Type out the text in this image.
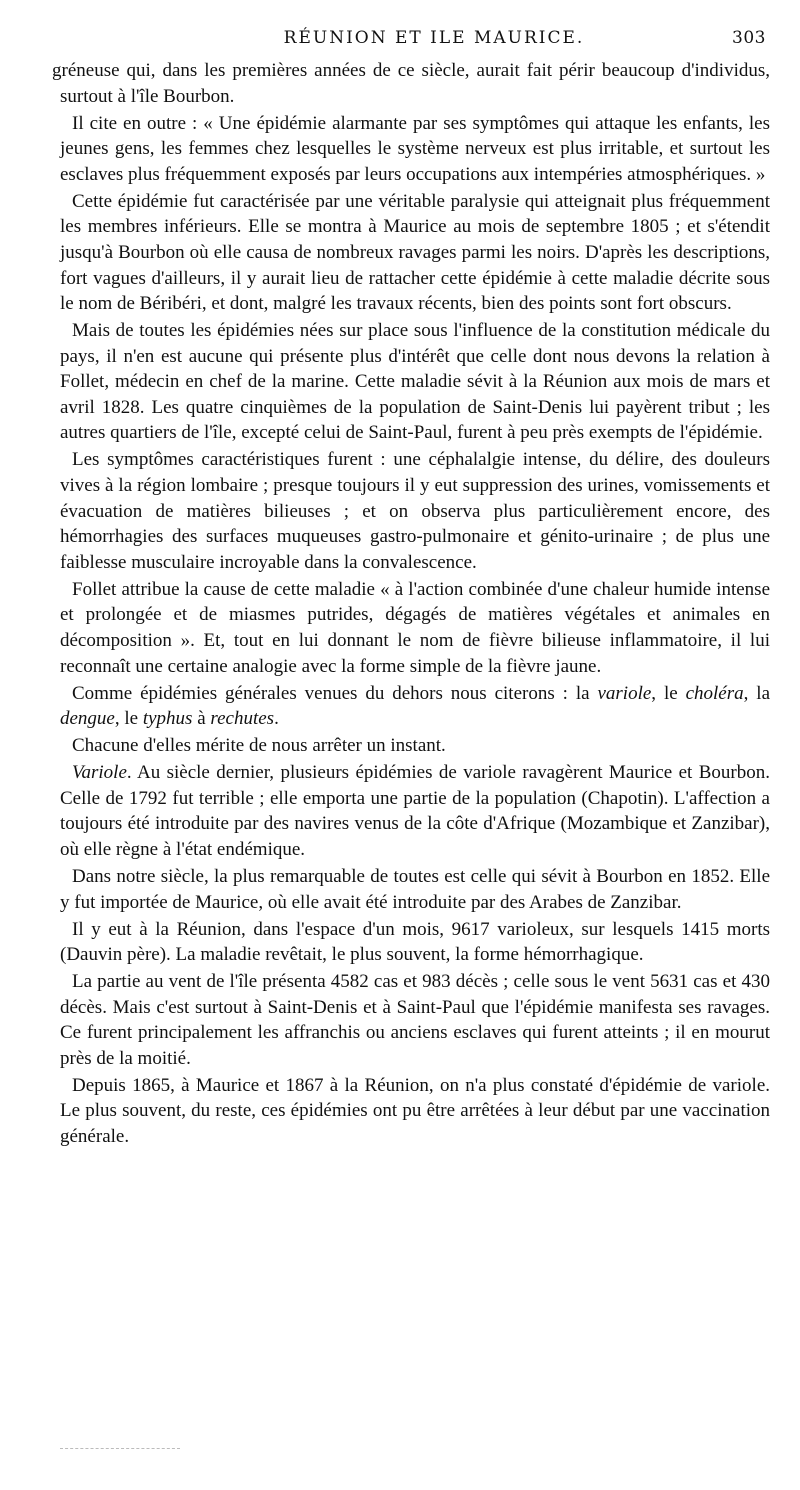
RÉUNION ET ILE MAURICE.	303

gréneuse qui, dans les premières années de ce siècle, aurait fait périr beaucoup d'individus, surtout à l'île Bourbon.

Il cite en outre : « Une épidémie alarmante par ses symptômes qui attaque les enfants, les jeunes gens, les femmes chez lesquelles le système nerveux est plus irritable, et surtout les esclaves plus fréquemment exposés par leurs occupations aux intempéries atmosphériques. »

Cette épidémie fut caractérisée par une véritable paralysie qui atteignait plus fréquemment les membres inférieurs. Elle se montra à Maurice au mois de septembre 1805 ; et s'étendit jusqu'à Bourbon où elle causa de nombreux ravages parmi les noirs. D'après les descriptions, fort vagues d'ailleurs, il y aurait lieu de rattacher cette épidémie à cette maladie décrite sous le nom de Béribéri, et dont, malgré les travaux récents, bien des points sont fort obscurs.

Mais de toutes les épidémies nées sur place sous l'influence de la constitution médicale du pays, il n'en est aucune qui présente plus d'intérêt que celle dont nous devons la relation à Follet, médecin en chef de la marine. Cette maladie sévit à la Réunion aux mois de mars et avril 1828. Les quatre cinquièmes de la population de Saint-Denis lui payèrent tribut ; les autres quartiers de l'île, excepté celui de Saint-Paul, furent à peu près exempts de l'épidémie.

Les symptômes caractéristiques furent : une céphalalgie intense, du délire, des douleurs vives à la région lombaire ; presque toujours il y eut suppression des urines, vomissements et évacuation de matières bilieuses ; et on observa plus particulièrement encore, des hémorrhagies des surfaces muqueuses gastro-pulmonaire et génito-urinaire ; de plus une faiblesse musculaire incroyable dans la convalescence.

Follet attribue la cause de cette maladie « à l'action combinée d'une chaleur humide intense et prolongée et de miasmes putrides, dégagés de matières végétales et animales en décomposition ». Et, tout en lui donnant le nom de fièvre bilieuse inflammatoire, il lui reconnaît une certaine analogie avec la forme simple de la fièvre jaune.

Comme épidémies générales venues du dehors nous citerons : la variole, le choléra, la dengue, le typhus à rechutes.

Chacune d'elles mérite de nous arrêter un instant.

Variole. Au siècle dernier, plusieurs épidémies de variole ravagèrent Maurice et Bourbon. Celle de 1792 fut terrible ; elle emporta une partie de la population (Chapotin). L'affection a toujours été introduite par des navires venus de la côte d'Afrique (Mozambique et Zanzibar), où elle règne à l'état endémique.

Dans notre siècle, la plus remarquable de toutes est celle qui sévit à Bourbon en 1852. Elle y fut importée de Maurice, où elle avait été introduite par des Arabes de Zanzibar.

Il y eut à la Réunion, dans l'espace d'un mois, 9617 varioleux, sur lesquels 1415 morts (Dauvin père). La maladie revêtait, le plus souvent, la forme hémorrhagique.

La partie au vent de l'île présenta 4582 cas et 983 décès ; celle sous le vent 5631 cas et 430 décès. Mais c'est surtout à Saint-Denis et à Saint-Paul que l'épidémie manifesta ses ravages. Ce furent principalement les affranchis ou anciens esclaves qui furent atteints ; il en mourut près de la moitié.

Depuis 1865, à Maurice et 1867 à la Réunion, on n'a plus constaté d'épidémie de variole. Le plus souvent, du reste, ces épidémies ont pu être arrêtées à leur début par une vaccination générale.
